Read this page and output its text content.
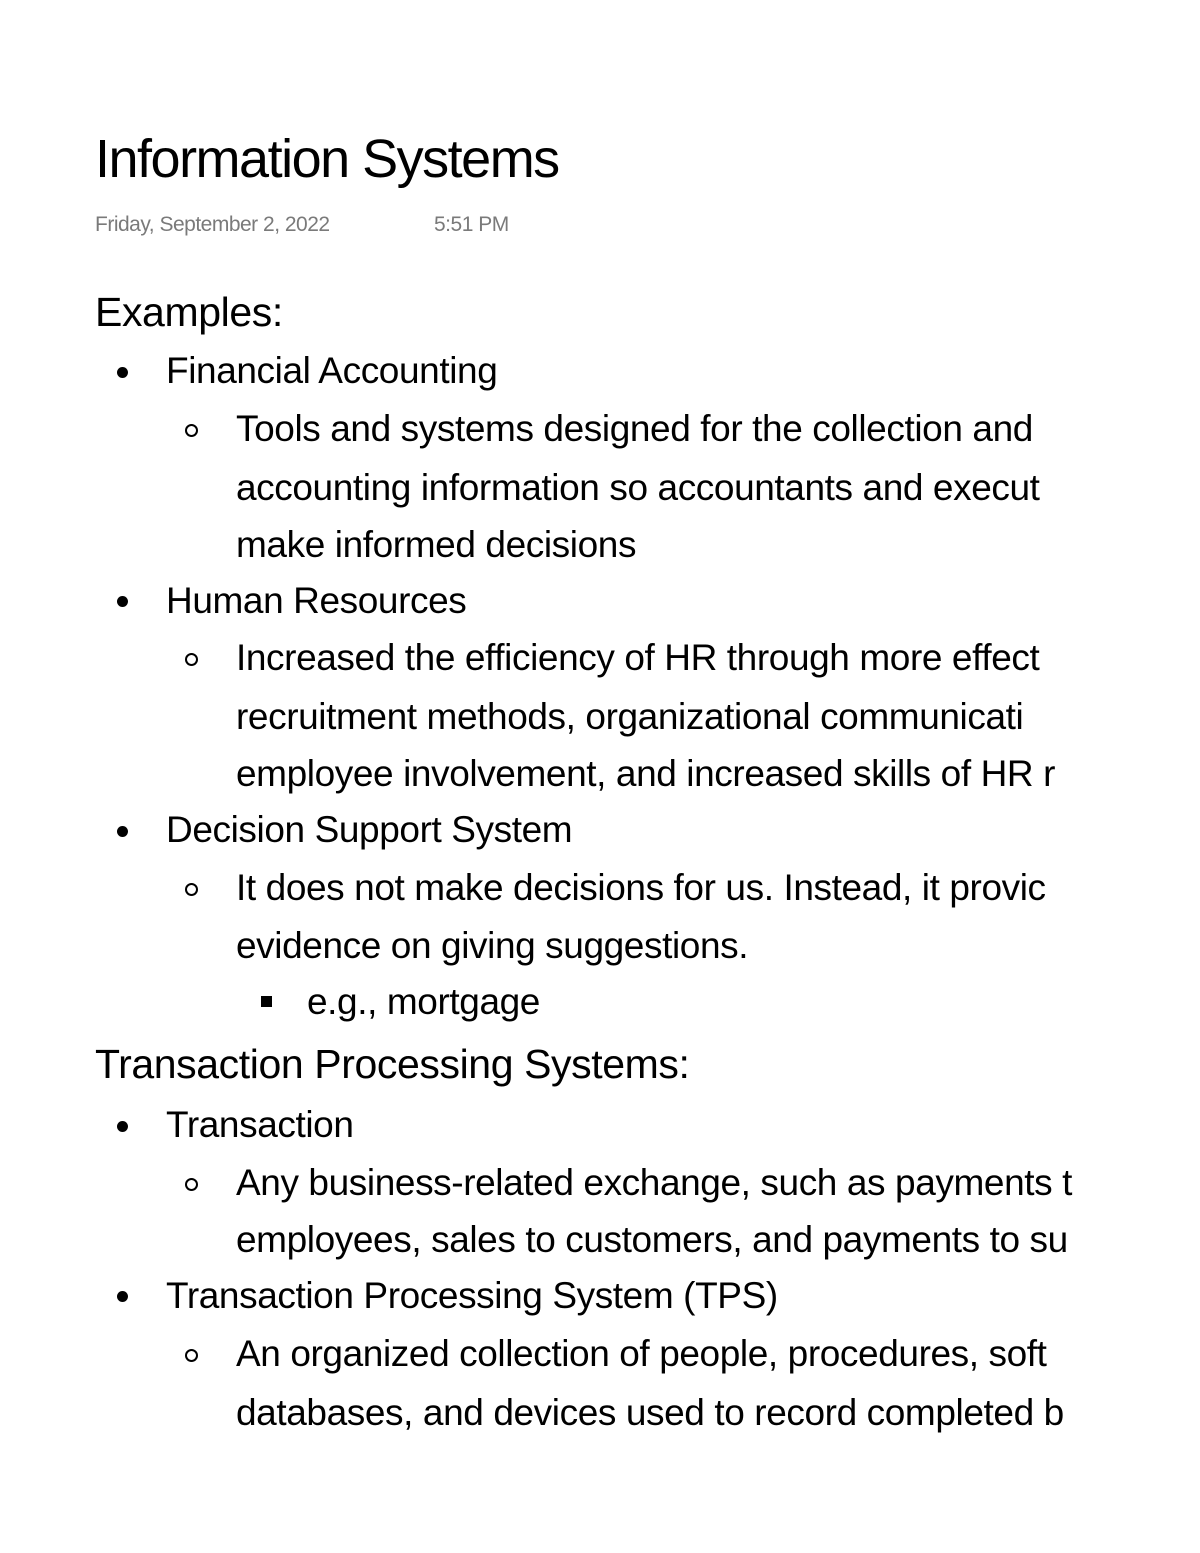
Information Systems
Friday, September 2, 2022	5:51 PM
Examples:
Financial Accounting
Tools and systems designed for the collection and
accounting information so accountants and execut
make informed decisions
Human Resources
Increased the efficiency of HR through more effect
recruitment methods, organizational communicati
employee involvement, and increased skills of HR r
Decision Support System
It does not make decisions for us. Instead, it provic
evidence on giving suggestions.
e.g., mortgage
Transaction Processing Systems:
Transaction
Any business-related exchange, such as payments t
employees, sales to customers, and payments to su
Transaction Processing System (TPS)
An organized collection of people, procedures, soft
databases, and devices used to record completed b
